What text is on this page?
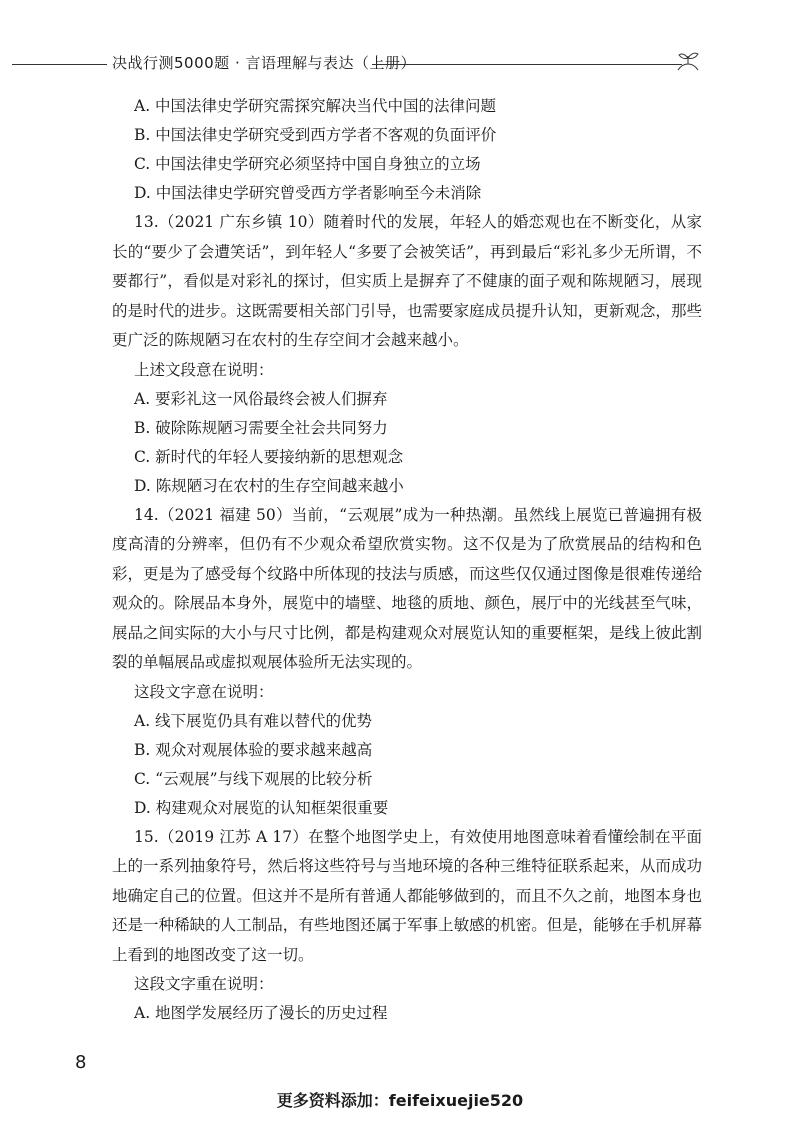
决战行测5000题 · 言语理解与表达（上册）
A. 中国法律史学研究需探究解决当代中国的法律问题
B. 中国法律史学研究受到西方学者不客观的负面评价
C. 中国法律史学研究必须坚持中国自身独立的立场
D. 中国法律史学研究曾受西方学者影响至今未消除
13.（2021 广东乡镇 10）随着时代的发展，年轻人的婚恋观也在不断变化，从家长的“要少了会遭笑话”，到年轻人“多要了会被笑话”，再到最后“彩礼多少无所谓，不要都行”，看似是对彩礼的探讨，但实质上是摒弃了不健康的面子观和陈规陋习，展现的是时代的进步。这既需要相关部门引导，也需要家庭成员提升认知，更新观念，那些更广泛的陈规陋习在农村的生存空间才会越来越小。
上述文段意在说明：
A. 要彩礼这一风俗最终会被人们摒弃
B. 破除陈规陋习需要全社会共同努力
C. 新时代的年轻人要接纳新的思想观念
D. 陈规陋习在农村的生存空间越来越小
14.（2021 福建 50）当前，“云观展”成为一种热潮。虽然线上展览已普遍拥有极度高清的分辨率，但仍有不少观众希望欣赏实物。这不仅是为了欣赏展品的结构和色彩，更是为了感受每个纹路中所体现的技法与质感，而这些仅仅通过图像是很难传递给观众的。除展品本身外，展览中的墙壁、地毯的质地、颜色，展厅中的光线甚至气味，展品之间实际的大小与尺寸比例，都是构建观众对展览认知的重要框架，是线上彼此割裂的单幅展品或虚拟观展体验所无法实现的。
这段文字意在说明：
A. 线下展览仍具有难以替代的优势
B. 观众对观展体验的要求越来越高
C. “云观展”与线下观展的比较分析
D. 构建观众对展览的认知框架很重要
15.（2019 江苏 A 17）在整个地图学史上，有效使用地图意味着看懂绘制在平面上的一系列抽象符号，然后将这些符号与当地环境的各种三维特征联系起来，从而成功地确定自己的位置。但这并不是所有普通人都能够做到的，而且不久之前，地图本身也还是一种稀缺的人工制品，有些地图还属于军事上敏感的机密。但是，能够在手机屏幕上看到的地图改变了这一切。
这段文字重在说明：
A. 地图学发展经历了漫长的历史过程
8
更多资料添加：feifeixuejie520
